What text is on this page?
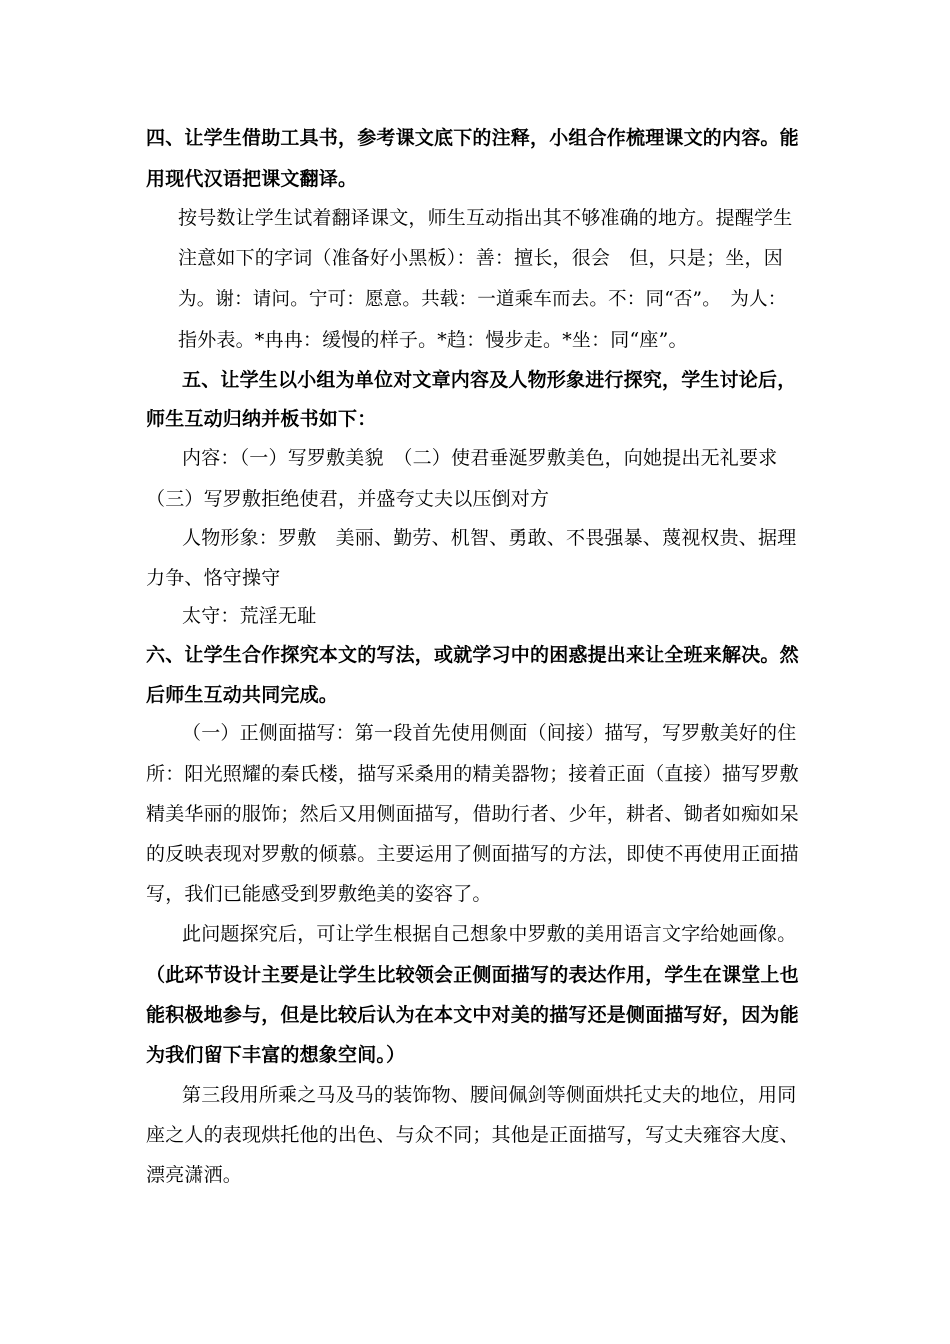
四、让学生借助工具书，参考课文底下的注释，小组合作梳理课文的内容。能
用现代汉语把课文翻译。
按号数让学生试着翻译课文，师生互动指出其不够准确的地方。提醒学生
注意如下的字词（准备好小黑板）：善：擅长，很会　但，只是；坐，因
为。谢：请问。宁可：愿意。共载：一道乘车而去。不：同“否”。　为人：
指外表。*冉冉：缓慢的样子。*趋：慢步走。*坐：同“座”。
五、让学生以小组为单位对文章内容及人物形象进行探究，学生讨论后，
师生互动归纳并板书如下：
内容：（一）写罗敷美貌　（二）使君垂涎罗敷美色，向她提出无礼要求
（三）写罗敷拒绝使君，并盛夸丈夫以压倒对方
人物形象：罗敷　美丽、勤劳、机智、勇敢、不畏强暴、蔑视权贵、据理
力争、恪守操守
太守：荒淫无耻
六、让学生合作探究本文的写法，或就学习中的困惑提出来让全班来解决。然
后师生互动共同完成。
（一）正侧面描写：第一段首先使用侧面（间接）描写，写罗敷美好的住
所：阳光照耀的秦氏楼，描写采桑用的精美器物；接着正面（直接）描写罗敷
精美华丽的服饰；然后又用侧面描写，借助行者、少年，耕者、锄者如痴如呆
的反映表现对罗敷的倾慕。主要运用了侧面描写的方法，即使不再使用正面描
写，我们已能感受到罗敷绝美的姿容了。
此问题探究后，可让学生根据自己想象中罗敷的美用语言文字给她画像。
（此环节设计主要是让学生比较领会正侧面描写的表达作用，学生在课堂上也
能积极地参与，但是比较后认为在本文中对美的描写还是侧面描写好，因为能
为我们留下丰富的想象空间。）
第三段用所乘之马及马的装饰物、腰间佩剑等侧面烘托丈夫的地位，用同
座之人的表现烘托他的出色、与众不同；其他是正面描写，写丈夫雍容大度、
漂亮潇洒。
